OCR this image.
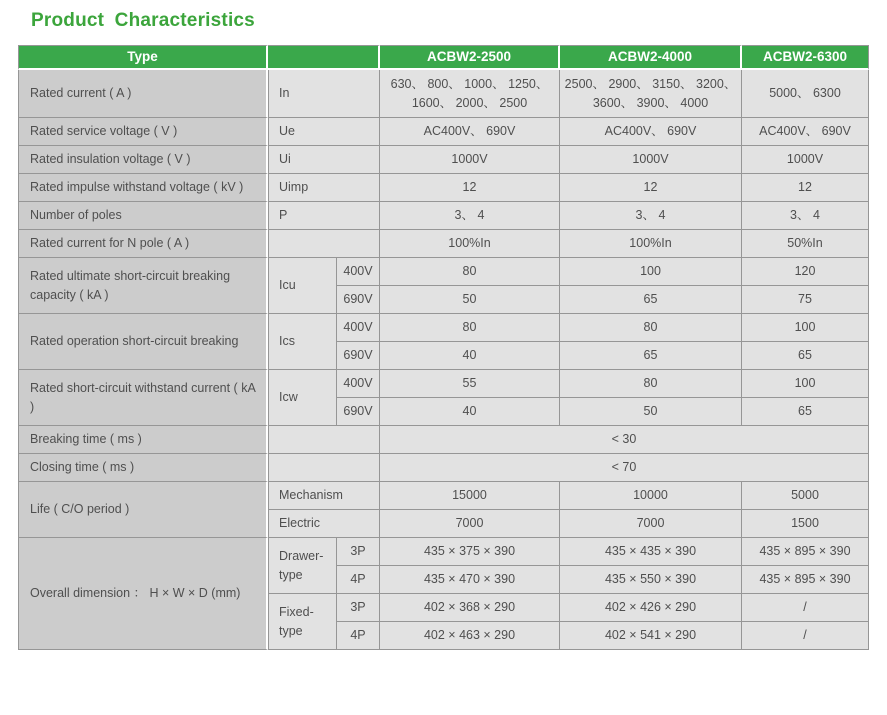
Product Characteristics
Type			ACBW2-2500	ACBW2-4000	ACBW2-6300
Rated current ( A )	In		630、 800、 1000、 1250、 1600、 2000、 2500	2500、 2900、 3150、 3200、 3600、 3900、 4000	5000、 6300
Rated service voltage ( V )	Ue		AC400V、 690V	AC400V、 690V	AC400V、 690V
Rated insulation voltage ( V )	Ui		1000V	1000V	1000V
Rated impulse withstand voltage ( kV )	Uimp		12	12	12
Number of poles	P		3、 4	3、 4	3、 4
Rated current for N pole ( A )			100%In	100%In	50%In
Rated ultimate short-circuit breaking capacity ( kA )	Icu	400V	80	100	120
		690V	50	65	75
Rated operation short-circuit breaking	Ics	400V	80	80	100
		690V	40	65	65
Rated short-circuit withstand current ( kA )	Icw	400V	55	80	100
		690V	40	50	65
Breaking time ( ms )			< 30		
Closing time ( ms )			< 70		
Life ( C/O period )	Mechanism		15000	10000	5000
	Electric		7000	7000	1500
Overall dimension ： H × W × D (mm)	Drawer-type	3P	435 × 375 × 390	435 × 435 × 390	435 × 895 × 390
		4P	435 × 470 × 390	435 × 550 × 390	435 × 895 × 390
	Fixed-type	3P	402 × 368 × 290	402 × 426 × 290	/
		4P	402 × 463 × 290	402 × 541 × 290	/
